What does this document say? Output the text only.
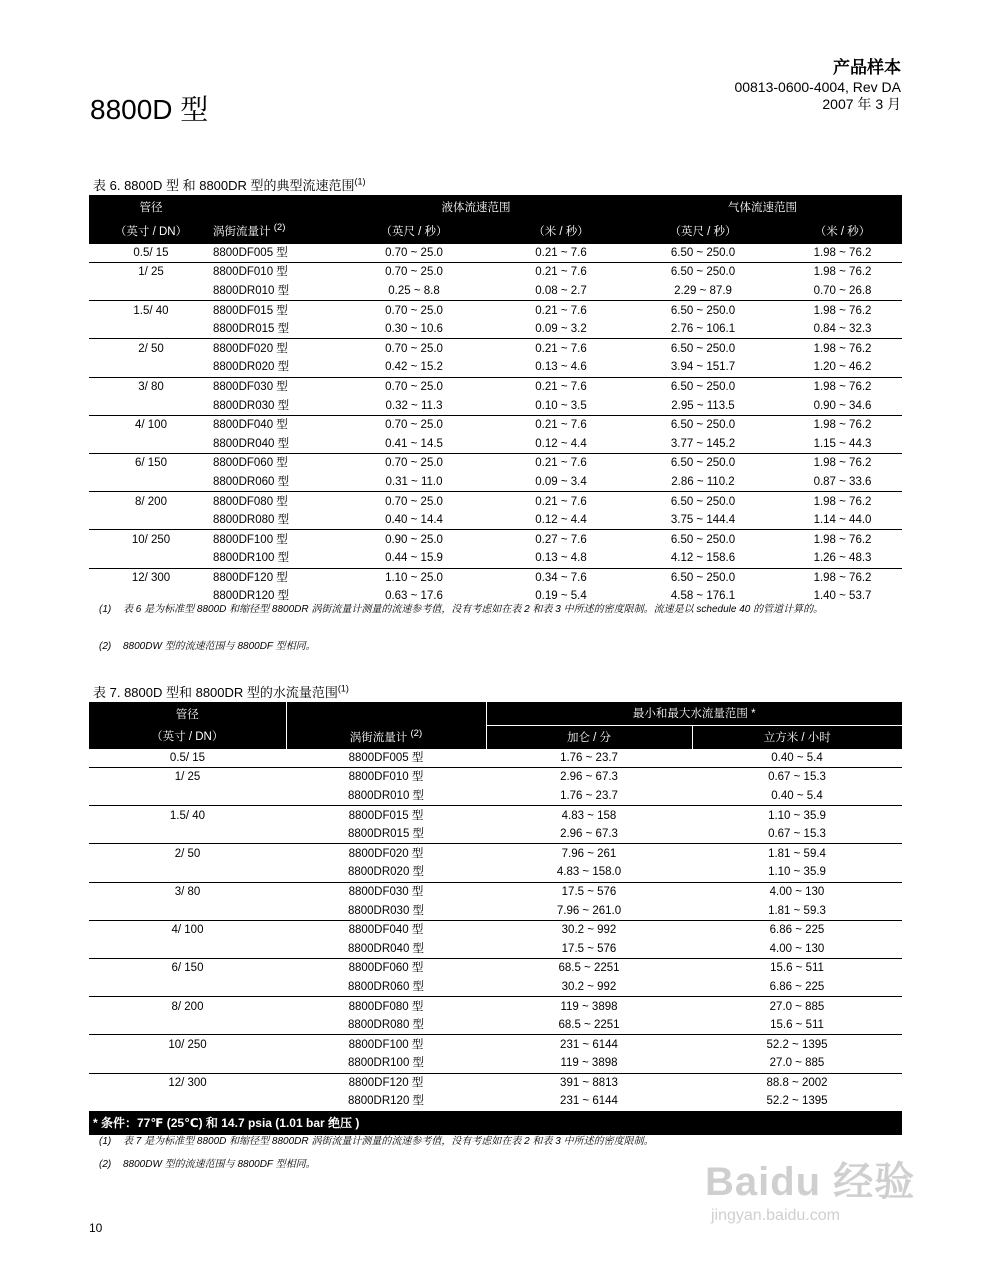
8800D 型
产品样本
00813-0600-4004, Rev DA
2007 年 3 月
表 6. 8800D 型 和 8800DR 型的典型流速范围$^{(1)}$
管径		液体流速范围		气体流速范围	
（英寸 / DN）	涡街流量计 $^{(2)}$	（英尺 / 秒）	（米 / 秒）	（英尺 / 秒）	（米 / 秒）
0.5/ 15	8800DF005 型	0.70 ~ 25.0	0.21 ~ 7.6	6.50 ~ 250.0	1.98 ~ 76.2
1/ 25	8800DF010 型	0.70 ~ 25.0	0.21 ~ 7.6	6.50 ~ 250.0	1.98 ~ 76.2
	8800DR010 型	0.25 ~ 8.8	0.08 ~ 2.7	2.29 ~ 87.9	0.70 ~ 26.8
1.5/ 40	8800DF015 型	0.70 ~ 25.0	0.21 ~ 7.6	6.50 ~ 250.0	1.98 ~ 76.2
	8800DR015 型	0.30 ~ 10.6	0.09 ~ 3.2	2.76 ~ 106.1	0.84 ~ 32.3
2/ 50	8800DF020 型	0.70 ~ 25.0	0.21 ~ 7.6	6.50 ~ 250.0	1.98 ~ 76.2
	8800DR020 型	0.42 ~ 15.2	0.13 ~ 4.6	3.94 ~ 151.7	1.20 ~ 46.2
3/ 80	8800DF030 型	0.70 ~ 25.0	0.21 ~ 7.6	6.50 ~ 250.0	1.98 ~ 76.2
	8800DR030 型	0.32 ~ 11.3	0.10 ~ 3.5	2.95 ~ 113.5	0.90 ~ 34.6
4/ 100	8800DF040 型	0.70 ~ 25.0	0.21 ~ 7.6	6.50 ~ 250.0	1.98 ~ 76.2
	8800DR040 型	0.41 ~ 14.5	0.12 ~ 4.4	3.77 ~ 145.2	1.15 ~ 44.3
6/ 150	8800DF060 型	0.70 ~ 25.0	0.21 ~ 7.6	6.50 ~ 250.0	1.98 ~ 76.2
	8800DR060 型	0.31 ~ 11.0	0.09 ~ 3.4	2.86 ~ 110.2	0.87 ~ 33.6
8/ 200	8800DF080 型	0.70 ~ 25.0	0.21 ~ 7.6	6.50 ~ 250.0	1.98 ~ 76.2
	8800DR080 型	0.40 ~ 14.4	0.12 ~ 4.4	3.75 ~ 144.4	1.14 ~ 44.0
10/ 250	8800DF100 型	0.90 ~ 25.0	0.27 ~ 7.6	6.50 ~ 250.0	1.98 ~ 76.2
	8800DR100 型	0.44 ~ 15.9	0.13 ~ 4.8	4.12 ~ 158.6	1.26 ~ 48.3
12/ 300	8800DF120 型	1.10 ~ 25.0	0.34 ~ 7.6	6.50 ~ 250.0	1.98 ~ 76.2
	8800DR120 型	0.63 ~ 17.6	0.19 ~ 5.4	4.58 ~ 176.1	1.40 ~ 53.7
(1) 表 6 是为标准型 8800D 和缩径型 8800DR 涡街流量计测量的流速参考值，没有考虑如在表 2 和表 3 中所述的密度限制。流速是以 schedule 40 的管道计算的。
(2) 8800DW 型的流速范围与 8800DF 型相同。
表 7. 8800D 型和 8800DR 型的水流量范围$^{(1)}$
管径		最小和最大水流量范围 *	
（英寸 / DN）	涡街流量计 $^{(2)}$	加仑 / 分	立方米 / 小时
0.5/ 15	8800DF005 型	1.76 ~ 23.7	0.40 ~ 5.4
1/ 25	8800DF010 型	2.96 ~ 67.3	0.67 ~ 15.3
	8800DR010 型	1.76 ~ 23.7	0.40 ~ 5.4
1.5/ 40	8800DF015 型	4.83 ~ 158	1.10 ~ 35.9
	8800DR015 型	2.96 ~ 67.3	0.67 ~ 15.3
2/ 50	8800DF020 型	7.96 ~ 261	1.81 ~ 59.4
	8800DR020 型	4.83 ~ 158.0	1.10 ~ 35.9
3/ 80	8800DF030 型	17.5 ~ 576	4.00 ~ 130
	8800DR030 型	7.96 ~ 261.0	1.81 ~ 59.3
4/ 100	8800DF040 型	30.2 ~ 992	6.86 ~ 225
	8800DR040 型	17.5 ~ 576	4.00 ~ 130
6/ 150	8800DF060 型	68.5 ~ 2251	15.6 ~ 511
	8800DR060 型	30.2 ~ 992	6.86 ~ 225
8/ 200	8800DF080 型	119 ~ 3898	27.0 ~ 885
	8800DR080 型	68.5 ~ 2251	15.6 ~ 511
10/ 250	8800DF100 型	231 ~ 6144	52.2 ~ 1395
	8800DR100 型	119 ~ 3898	27.0 ~ 885
12/ 300	8800DF120 型	391 ~ 8813	88.8 ~ 2002
	8800DR120 型	231 ~ 6144	52.2 ~ 1395
* 条件：77℉ (25℃) 和 14.7 psia (1.01 bar 绝压 )			
(1) 表 7 是为标准型 8800D 和缩径型 8800DR 涡街流量计测量的流速参考值，没有考虑如在表 2 和表 3 中所述的密度限制。
(2) 8800DW 型的流速范围与 8800DF 型相同。
10
Baidu 经验
jingyan.baidu.com
